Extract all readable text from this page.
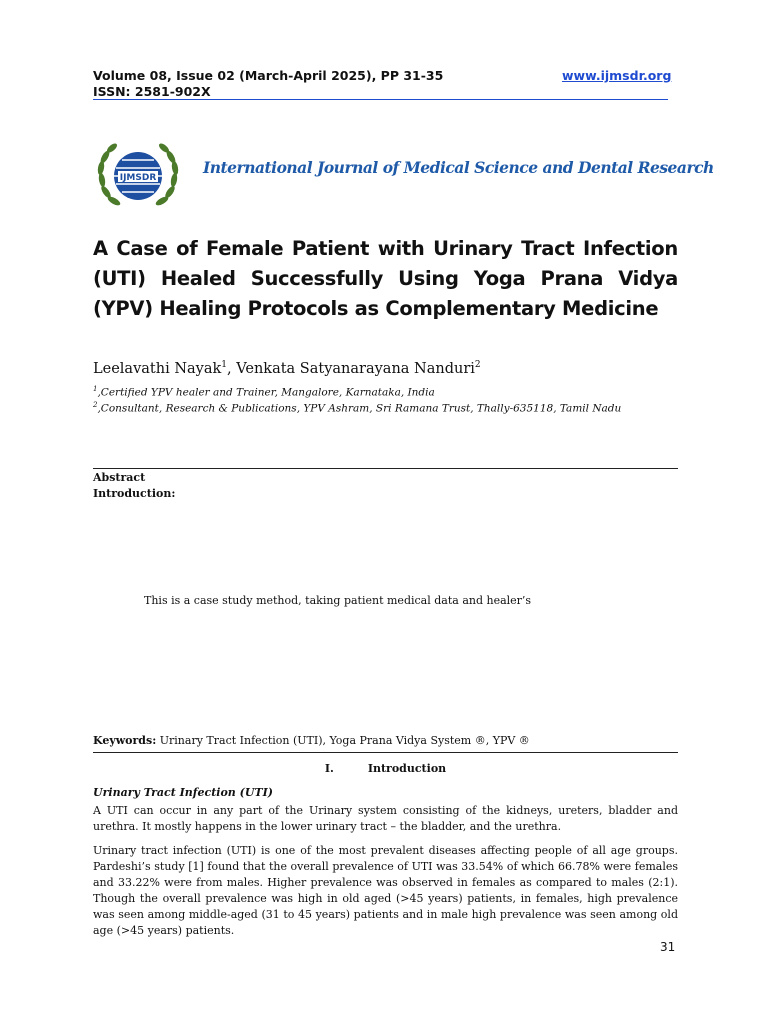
Volume 08, Issue 02 (March-April 2025), PP 31-35
ISSN: 2581-902X
www.ijmsdr.org
IJMSDR
International Journal of Medical Science and Dental Research
A Case of Female Patient with Urinary Tract Infection
(UTI) Healed Successfully Using Yoga Prana Vidya
(YPV) Healing Protocols as Complementary Medicine
Leelavathi Nayak$^1$, Venkata Satyanarayana Nanduri$^2$
$^1$,Certified YPV healer and Trainer, Mangalore, Karnataka, India
$^2$,Consultant, Research & Publications, YPV Ashram, Sri Ramana Trust, Thally-635118, Tamil Nadu
Abstract
Introduction:
This is a case study method, taking patient medical data and healer’s
Keywords: Urinary Tract Infection (UTI), Yoga Prana Vidya System ®, YPV ®
I.	Introduction
Urinary Tract Infection (UTI)
A UTI can occur in any part of the Urinary system consisting of the kidneys, ureters, bladder and urethra. It mostly happens in the lower urinary tract – the bladder, and the urethra.
Urinary tract infection (UTI) is one of the most prevalent diseases affecting people of all age groups. Pardeshi’s study [1] found that the overall prevalence of UTI was 33.54% of which 66.78% were females and 33.22% were from males. Higher prevalence was observed in females as compared to males (2:1). Though the overall prevalence was high in old aged (>45 years) patients, in females, high prevalence was seen among middle-aged (31 to 45 years) patients and in male high prevalence was seen among old age (>45 years) patients.
31
